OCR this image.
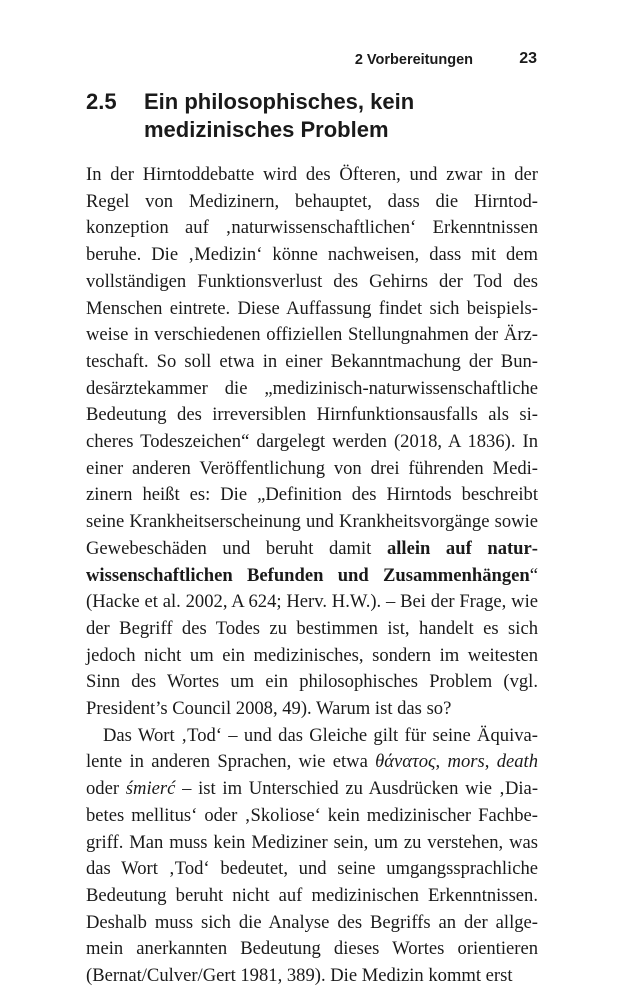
2 Vorbereitungen	23
2.5 Ein philosophisches, kein medizinisches Problem

In der Hirntoddebatte wird des Öfteren, und zwar in der Regel von Medizinern, behauptet, dass die Hirntodkonzeption auf ‚naturwissenschaftlichen‘ Erkenntnissen beruhe. Die ‚Medizin‘ könne nachweisen, dass mit dem vollständigen Funktionsverlust des Gehirns der Tod des Menschen eintrete. Diese Auffassung findet sich beispielsweise in verschiedenen offiziellen Stellungnahmen der Ärzteschaft. So soll etwa in einer Bekanntmachung der Bundesärztekammer die „medizinisch-naturwissenschaftliche Bedeutung des irreversiblen Hirnfunktionsausfalls als sicheres Todeszeichen“ dargelegt werden (2018, A 1836). In einer anderen Veröffentlichung von drei führenden Medizinern heißt es: Die „Definition des Hirntods beschreibt seine Krankheitserscheinung und Krankheitsvorgänge sowie Gewebeschäden und beruht damit allein auf naturwissenschaftlichen Befunden und Zusammenhängen“ (Hacke et al. 2002, A 624; Herv. H.W.). – Bei der Frage, wie der Begriff des Todes zu bestimmen ist, handelt es sich jedoch nicht um ein medizinisches, sondern im weitesten Sinn des Wortes um ein philosophisches Problem (vgl. President’s Council 2008, 49). Warum ist das so?

Das Wort ‚Tod‘ – und das Gleiche gilt für seine Äquivalente in anderen Sprachen, wie etwa θάνατος, mors, death oder śmierć – ist im Unterschied zu Ausdrücken wie ‚Diabetes mellitus‘ oder ‚Skoliose‘ kein medizinischer Fachbegriff. Man muss kein Mediziner sein, um zu verstehen, was das Wort ‚Tod‘ bedeutet, und seine umgangssprachliche Bedeutung beruht nicht auf medizinischen Erkenntnissen. Deshalb muss sich die Analyse des Begriffs an der allgemein anerkannten Bedeutung dieses Wortes orientieren (Bernat/Culver/Gert 1981, 389). Die Medizin kommt erst
